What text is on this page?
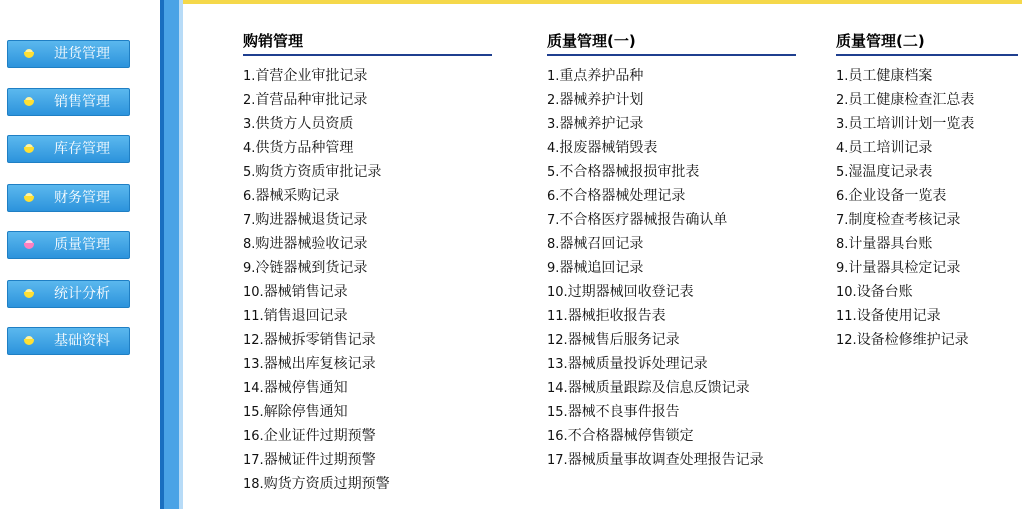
进货管理
销售管理
库存管理
财务管理
质量管理
统计分析
基础资料
购销管理
1.首营企业审批记录
2.首营品种审批记录
3.供货方人员资质
4.供货方品种管理
5.购货方资质审批记录
6.器械采购记录
7.购进器械退货记录
8.购进器械验收记录
9.冷链器械到货记录
10.器械销售记录
11.销售退回记录
12.器械拆零销售记录
13.器械出库复核记录
14.器械停售通知
15.解除停售通知
16.企业证件过期预警
17.器械证件过期预警
18.购货方资质过期预警
质量管理(一)
1.重点养护品种
2.器械养护计划
3.器械养护记录
4.报废器械销毁表
5.不合格器械报损审批表
6.不合格器械处理记录
7.不合格医疗器械报告确认单
8.器械召回记录
9.器械追回记录
10.过期器械回收登记表
11.器械拒收报告表
12.器械售后服务记录
13.器械质量投诉处理记录
14.器械质量跟踪及信息反馈记录
15.器械不良事件报告
16.不合格器械停售锁定
17.器械质量事故调查处理报告记录
质量管理(二)
1.员工健康档案
2.员工健康检查汇总表
3.员工培训计划一览表
4.员工培训记录
5.湿温度记录表
6.企业设备一览表
7.制度检查考核记录
8.计量器具台账
9.计量器具检定记录
10.设备台账
11.设备使用记录
12.设备检修维护记录
